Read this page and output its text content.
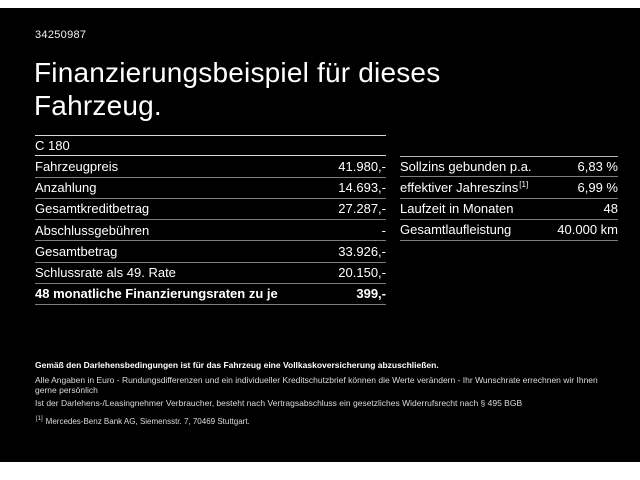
34250987
Finanzierungsbeispiel für dieses
Fahrzeug.
C 180
Fahrzeugpreis	41.980,-
Anzahlung	14.693,-
Gesamtkreditbetrag	27.287,-
Abschlussgebühren	-
Gesamtbetrag	33.926,-
Schlussrate als 49. Rate	20.150,-
48 monatliche Finanzierungsraten zu je	399,-
Sollzins gebunden p.a.	6,83 %
effektiver Jahreszins[1]	6,99 %
Laufzeit in Monaten	48
Gesamtlaufleistung	40.000 km
Gemäß den Darlehensbedingungen ist für das Fahrzeug eine Vollkaskoversicherung abzuschließen.
Alle Angaben in Euro - Rundungsdifferenzen und ein individueller Kreditschutzbrief können die Werte verändern - Ihr Wunschrate errechnen wir Ihnen gerne persönlich
Ist der Darlehens-/Leasingnehmer Verbraucher, besteht nach Vertragsabschluss ein gesetzliches Widerrufsrecht nach § 495 BGB
[1] Mercedes-Benz Bank AG, Siemensstr. 7, 70469 Stuttgart.
